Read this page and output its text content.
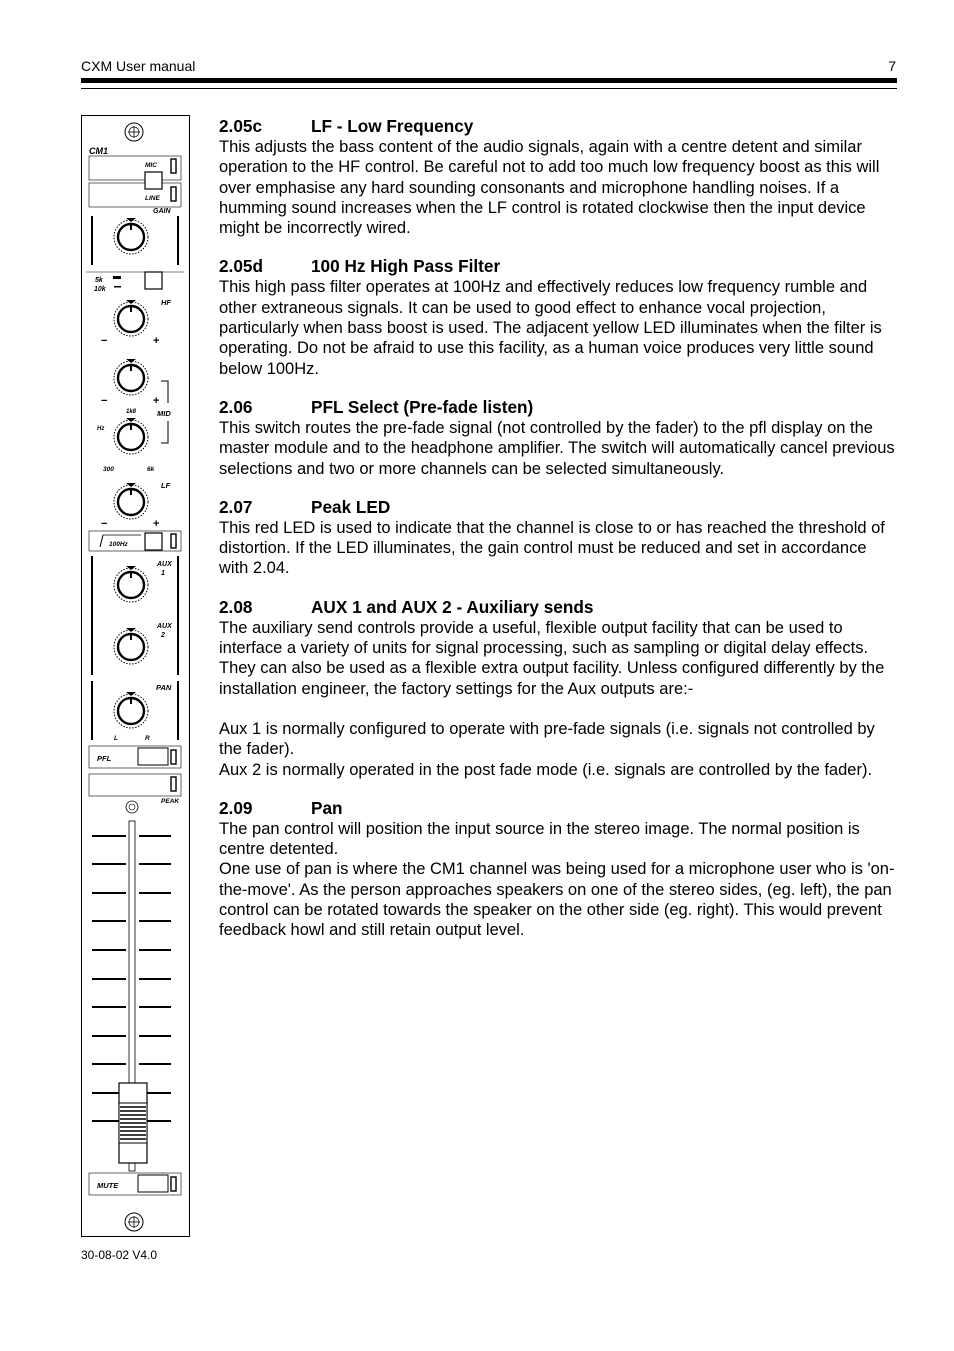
CXM User manual	7
CM1
MIC
LINE
GAIN
5k
10k
HF
−	+
−	+
MID
1k8
Hz
300	6k
LF
−	+
100Hz
AUX
1
AUX
2
PAN
L	R
PFL
PEAK
MUTE
2.05c	LF - Low Frequency

This adjusts the bass content of the audio signals, again with a centre detent and similar operation to the HF control. Be careful not to add too much low frequency boost as this will over emphasise any hard sounding consonants and microphone handling noises. If a humming sound increases when the LF control is rotated clockwise then the input device might be incorrectly wired.

2.05d	100 Hz High Pass Filter

This high pass filter operates at 100Hz and effectively reduces low frequency rumble and other extraneous signals. It can be used to good effect to enhance vocal projection, particularly when bass boost is used. The adjacent yellow LED illuminates when the filter is operating. Do not be afraid to use this facility, as a human voice produces very little sound below 100Hz.

2.06	PFL Select (Pre-fade listen)

This switch routes the pre-fade signal (not controlled by the fader) to the pfl display on the master module and to the headphone amplifier. The switch will automatically cancel previous selections and two or more channels can be selected simultaneously.

2.07	Peak LED

This red LED is used to indicate that the channel is close to or has reached the threshold of distortion. If the LED illuminates, the gain control must be reduced and set in accordance with 2.04.

2.08	AUX 1 and AUX 2 - Auxiliary sends

The auxiliary send controls provide a useful, flexible output facility that can be used to interface a variety of units for signal processing, such as sampling or digital delay effects.

They can also be used as a flexible extra output facility. Unless configured differently by the installation engineer, the factory settings for the Aux outputs are:-

Aux 1 is normally configured to operate with pre-fade signals (i.e. signals not controlled by the fader).

Aux 2 is normally operated in the post fade mode (i.e. signals are controlled by the fader).

2.09	Pan

The pan control will position the input source in the stereo image. The normal position is centre detented.

One use of pan is where the CM1 channel was being used for a microphone user who is 'on-the-move'. As the person approaches speakers on one of the stereo sides, (eg. left), the pan control can be rotated towards the speaker on the other side (eg. right). This would prevent feedback howl and still retain output level.

30-08-02 V4.0
